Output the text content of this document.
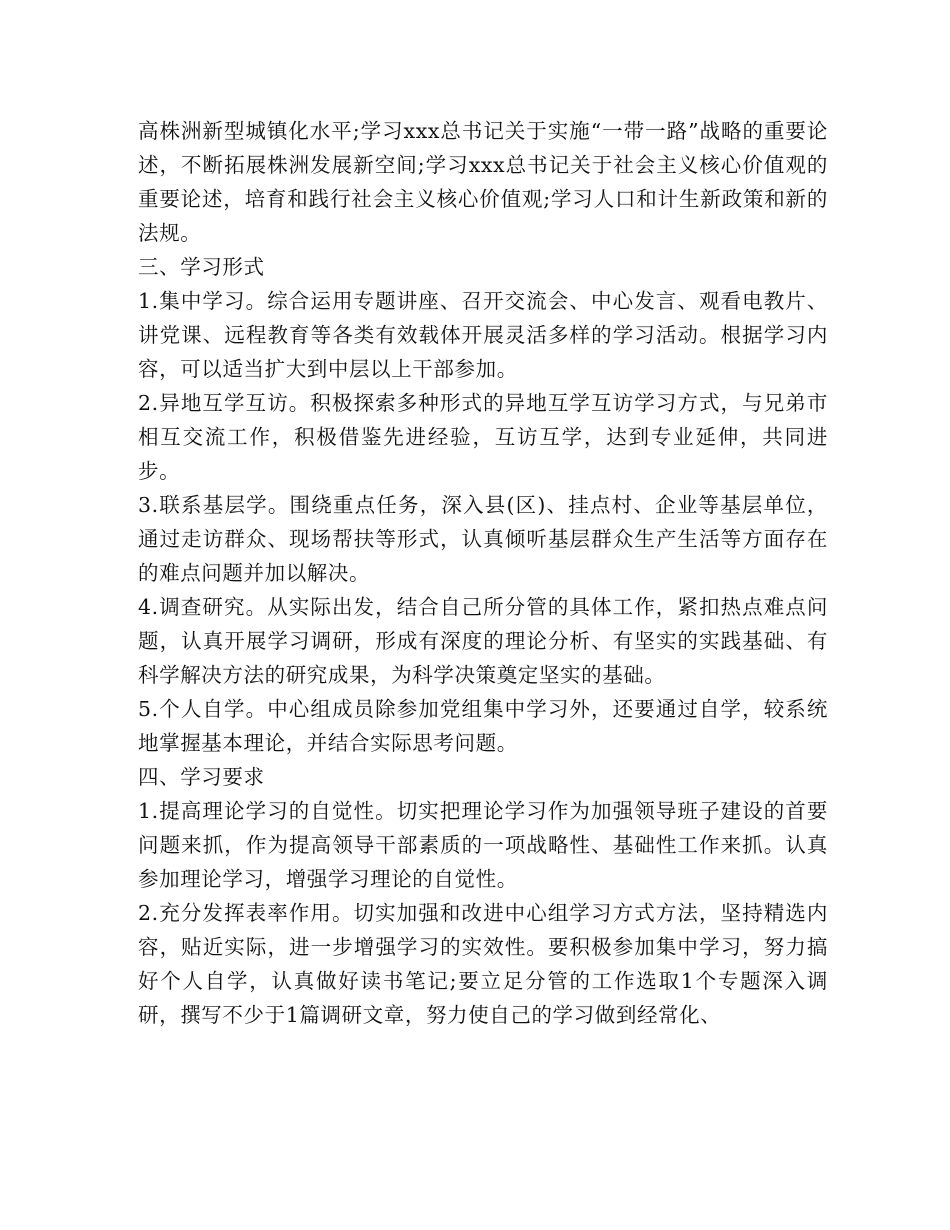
高株洲新型城镇化水平;学习xxx总书记关于实施“一带一路”战略的重要论述，不断拓展株洲发展新空间;学习xxx总书记关于社会主义核心价值观的重要论述，培育和践行社会主义核心价值观;学习人口和计生新政策和新的法规。

三、学习形式

1.集中学习。综合运用专题讲座、召开交流会、中心发言、观看电教片、讲党课、远程教育等各类有效载体开展灵活多样的学习活动。根据学习内容，可以适当扩大到中层以上干部参加。

2.异地互学互访。积极探索多种形式的异地互学互访学习方式，与兄弟市相互交流工作，积极借鉴先进经验，互访互学，达到专业延伸，共同进步。

3.联系基层学。围绕重点任务，深入县(区)、挂点村、企业等基层单位，通过走访群众、现场帮扶等形式，认真倾听基层群众生产生活等方面存在的难点问题并加以解决。

4.调查研究。从实际出发，结合自己所分管的具体工作，紧扣热点难点问题，认真开展学习调研，形成有深度的理论分析、有坚实的实践基础、有科学解决方法的研究成果，为科学决策奠定坚实的基础。

5.个人自学。中心组成员除参加党组集中学习外，还要通过自学，较系统地掌握基本理论，并结合实际思考问题。

四、学习要求

1.提高理论学习的自觉性。切实把理论学习作为加强领导班子建设的首要问题来抓，作为提高领导干部素质的一项战略性、基础性工作来抓。认真参加理论学习，增强学习理论的自觉性。

2.充分发挥表率作用。切实加强和改进中心组学习方式方法，坚持精选内容，贴近实际，进一步增强学习的实效性。要积极参加集中学习，努力搞好个人自学，认真做好读书笔记;要立足分管的工作选取1个专题深入调研，撰写不少于1篇调研文章，努力使自己的学习做到经常化、
